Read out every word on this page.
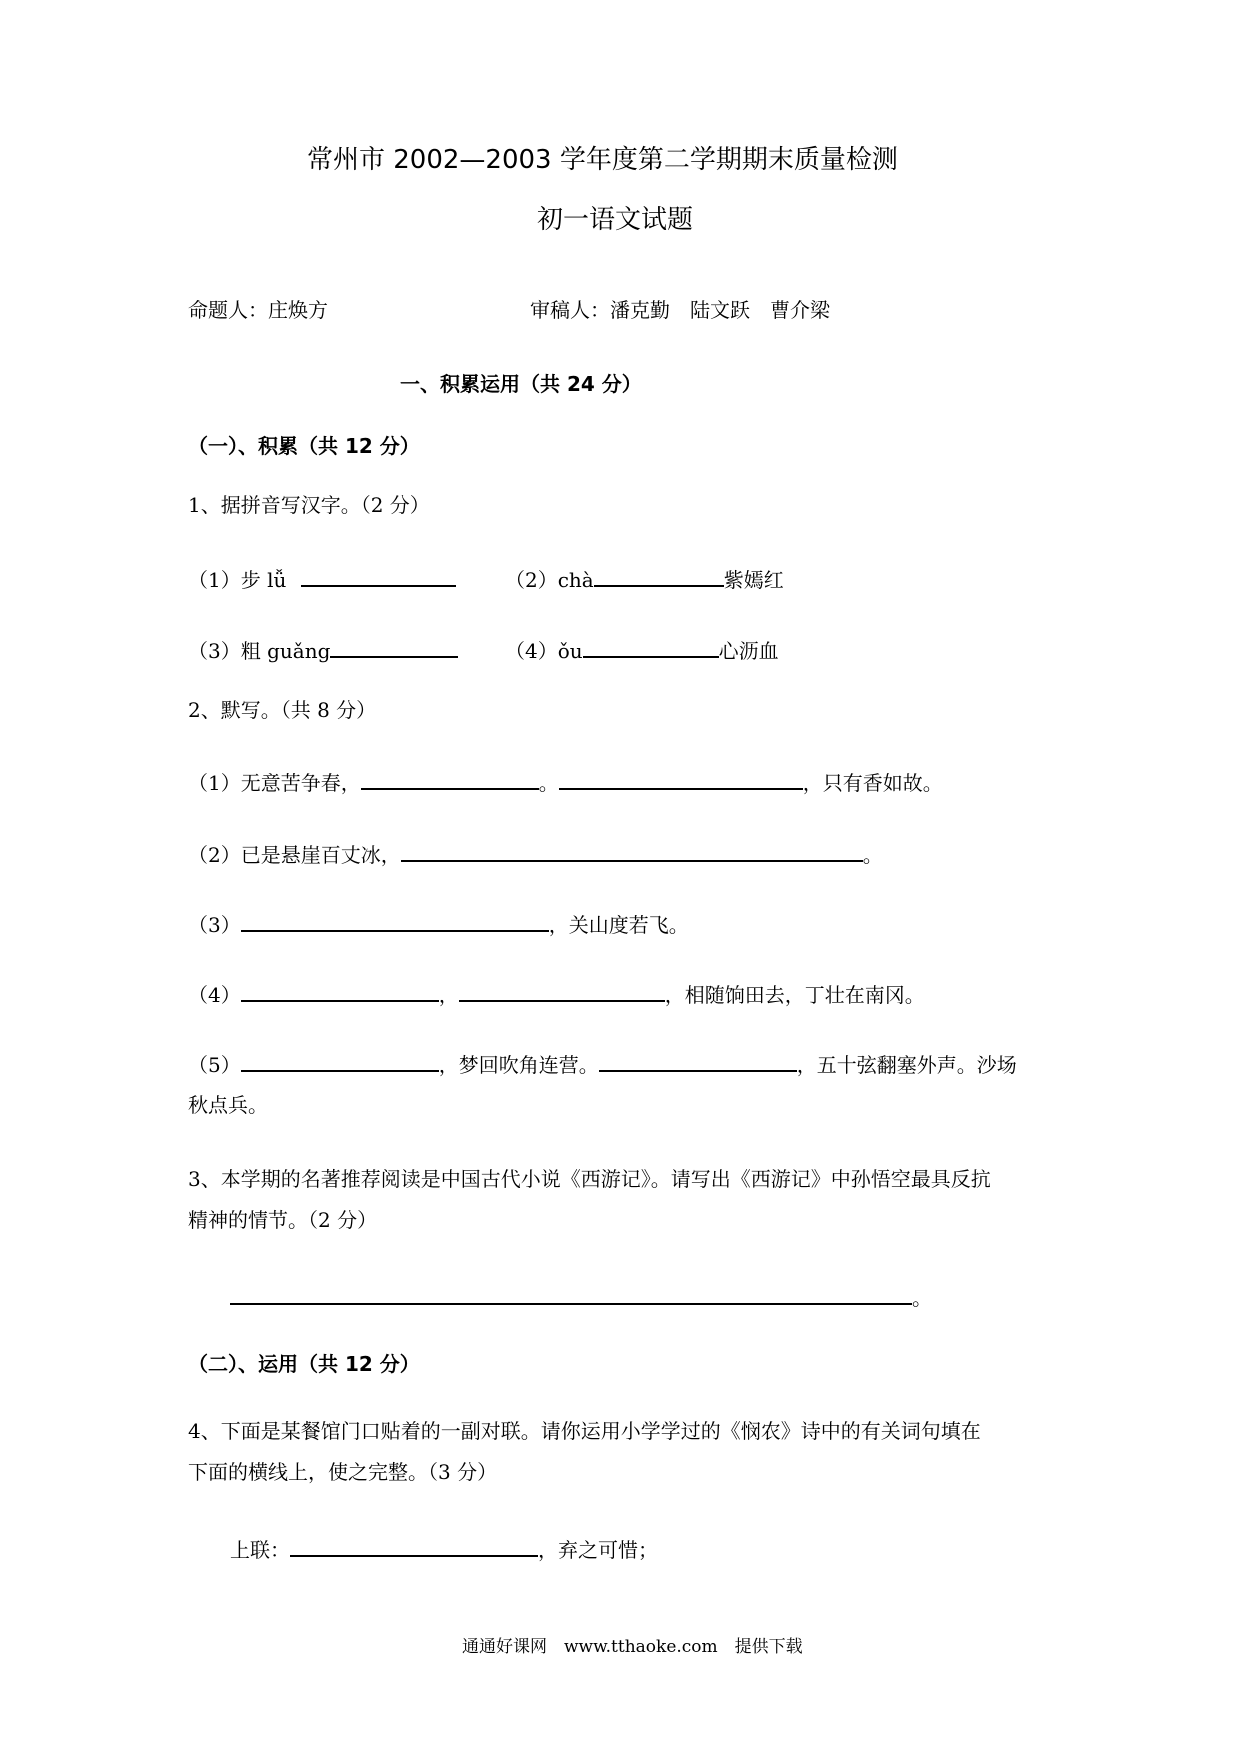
常州市 2002—2003 学年度第二学期期末质量检测
初一语文试题
命题人：庄焕方	审稿人：潘克勤　陆文跃　曹介梁
一、积累运用（共 24 分）
（一）、积累（共 12 分）
1、据拼音写汉字。（2 分）
（1）步 lǚ	（2）chà	紫嫣红
（3）粗 guǎng	（4）ǒu	心沥血
2、默写。（共 8 分）
（1）无意苦争春，	。	，只有香如故。
（2）已是悬崖百丈冰，	。
（3）	，关山度若飞。
（4）	，	，相随饷田去，丁壮在南冈。
（5）	，梦回吹角连营。	，五十弦翻塞外声。沙场
秋点兵。
3、本学期的名著推荐阅读是中国古代小说《西游记》。请写出《西游记》中孙悟空最具反抗
精神的情节。（2 分）
。
（二）、运用（共 12 分）
4、下面是某餐馆门口贴着的一副对联。请你运用小学学过的《悯农》诗中的有关词句填在
下面的横线上，使之完整。（3 分）
上联：	，弃之可惜；
通通好课网　www.tthaoke.com　提供下载
